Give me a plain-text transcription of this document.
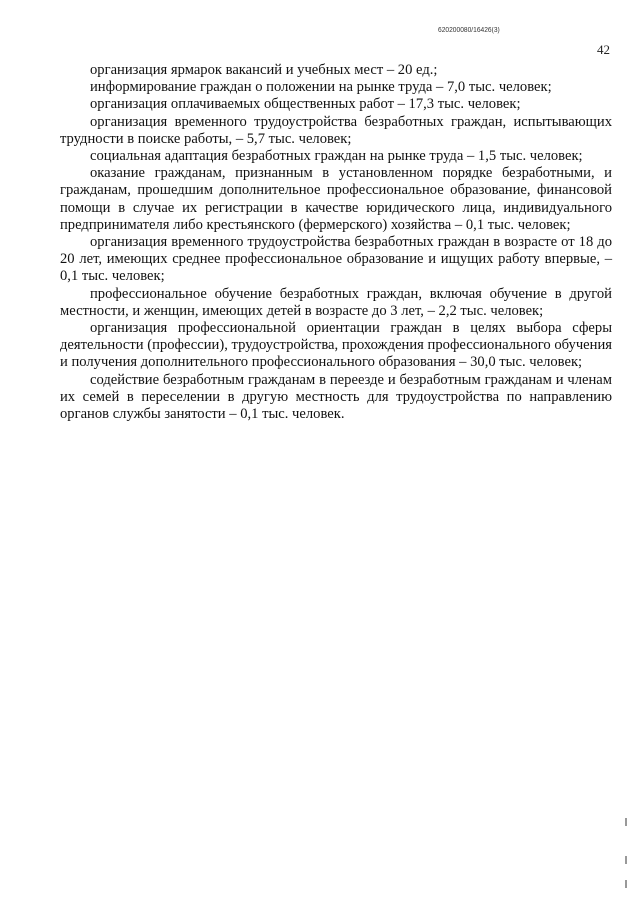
620200080/16426(3)
42

организация ярмарок вакансий и учебных мест – 20 ед.;

информирование граждан о положении на рынке труда – 7,0 тыс. человек;

организация оплачиваемых общественных работ – 17,3 тыс. человек;

организация временного трудоустройства безработных граждан, испытывающих трудности в поиске работы, – 5,7 тыс. человек;

социальная адаптация безработных граждан на рынке труда – 1,5 тыс. человек;

оказание гражданам, признанным в установленном порядке безработными, и гражданам, прошедшим дополнительное профессиональное образование, финансовой помощи в случае их регистрации в качестве юридического лица, индивидуального предпринимателя либо крестьянского (фермерского) хозяйства – 0,1 тыс. человек;

организация временного трудоустройства безработных граждан в возрасте от 18 до 20 лет, имеющих среднее профессиональное образование и ищущих работу впервые, – 0,1 тыс. человек;

профессиональное обучение безработных граждан, включая обучение в другой местности, и женщин, имеющих детей в возрасте до 3 лет, – 2,2 тыс. человек;

организация профессиональной ориентации граждан в целях выбора сферы деятельности (профессии), трудоустройства, прохождения профессионального обучения и получения дополнительного профессионального образования – 30,0 тыс. человек;

содействие безработным гражданам в переезде и безработным гражданам и членам их семей в переселении в другую местность для трудоустройства по направлению органов службы занятости – 0,1 тыс. человек.
